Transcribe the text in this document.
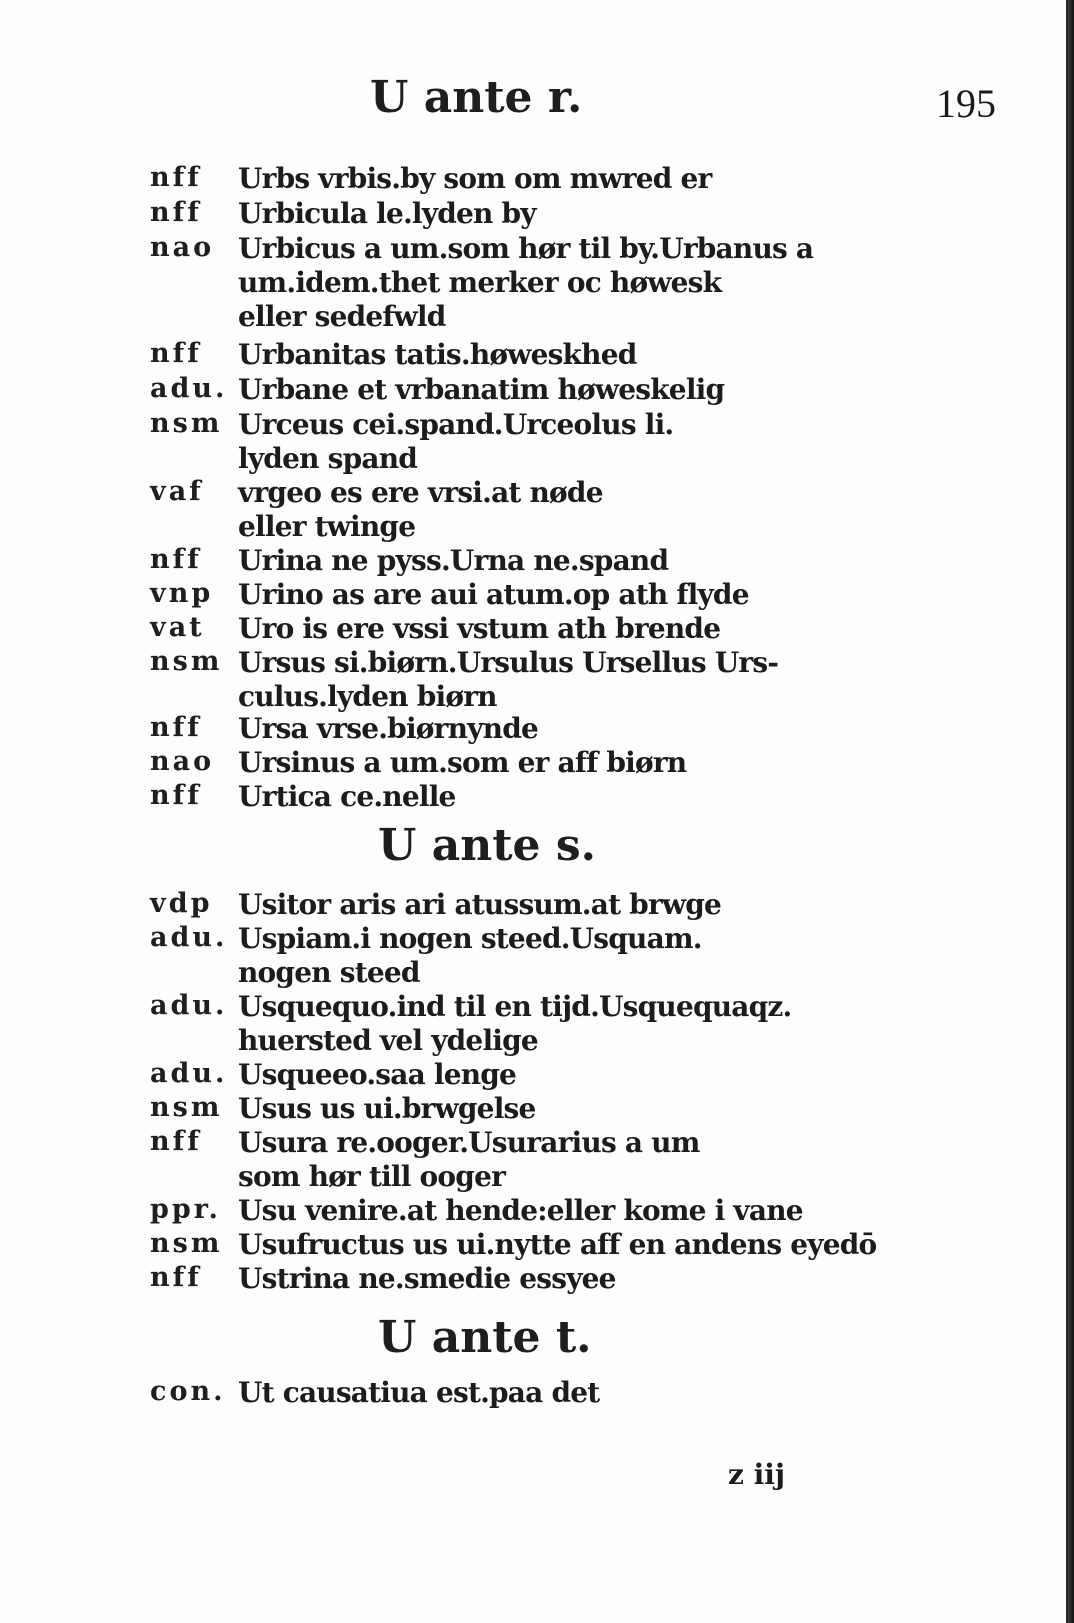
195
U ante r.
nff Urbs vrbis.by som om mwred er
nff Urbicula le.lyden by
nao Urbicus a um.som hør til by.Urbanus a
um.idem.thet merker oc høwesk
eller sedefwld
nff Urbanitas tatis.høweskhed
adu. Urbane et vrbanatim høweskelig
nsm Urceus cei.spand.Urceolus li.
lyden spand
vaf vrgeo es ere vrsi.at nøde
eller twinge
nff Urina ne pyss.Urna ne.spand
vnp Urino as are aui atum.op ath flyde
vat Uro is ere vssi vstum ath brende
nsm Ursus si.biørn.Ursulus Ursellus Urs-
culus.lyden biørn
nff Ursa vrse.biørnynde
nao Ursinus a um.som er aff biørn
nff Urtica ce.nelle
U ante s.
vdp Usitor aris ari atussum.at brwge
adu. Uspiam.i nogen steed.Usquam.
nogen steed
adu. Usquequo.ind til en tijd.Usquequaqz.
huersted vel ydelige
adu. Usqueeo.saa lenge
nsm Usus us ui.brwgelse
nff Usura re.ooger.Usurarius a um
som hør till ooger
ppr. Usu venire.at hende:eller kome i vane
nsm Usufructus us ui.nytte aff en andens eyedō
nff Ustrina ne.smedie essyee
U ante t.
con. Ut causatiua est.paa det
z iij
